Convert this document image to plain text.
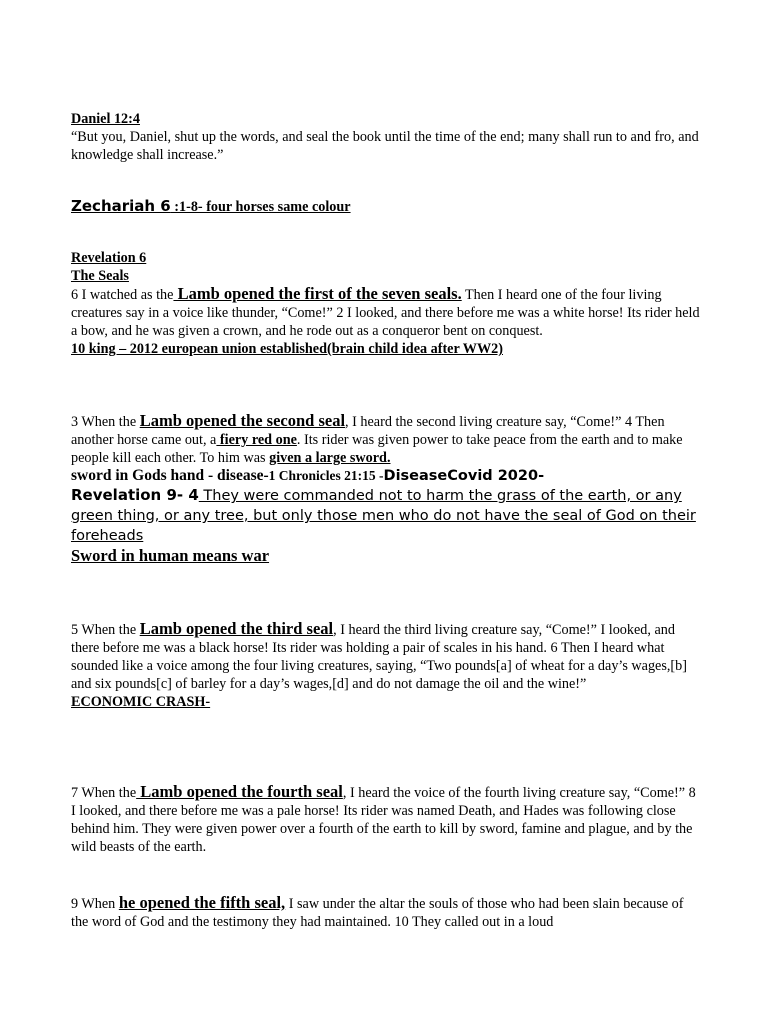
Daniel 12:4
“But you, Daniel, shut up the words, and seal the book until the time of the end; many shall run to and fro, and knowledge shall increase.”

Zechariah 6 :1-8- four horses same colour

Revelation 6
The Seals

6 I watched as the Lamb opened the first of the seven seals. Then I heard one of the four living creatures say in a voice like thunder, “Come!” 2 I looked, and there before me was a white horse! Its rider held a bow, and he was given a crown, and he rode out as a conqueror bent on conquest.
10 king – 2012 european union established(brain child idea after WW2)

3 When the Lamb opened the second seal, I heard the second living creature say, “Come!” 4 Then another horse came out, a fiery red one. Its rider was given power to take peace from the earth and to make people kill each other. To him was given a large sword.

sword in Gods hand - disease-1 Chronicles 21:15 -DiseaseCovid 2020-

Revelation 9- 4 They were commanded not to harm the grass of the earth, or any green thing, or any tree, but only those men who do not have the seal of God on their foreheads

Sword in human means war

5 When the Lamb opened the third seal, I heard the third living creature say, “Come!” I looked, and there before me was a black horse! Its rider was holding a pair of scales in his hand. 6 Then I heard what sounded like a voice among the four living creatures, saying, “Two pounds[a] of wheat for a day’s wages,[b] and six pounds[c] of barley for a day’s wages,[d] and do not damage the oil and the wine!”
ECONOMIC CRASH-

7 When the Lamb opened the fourth seal, I heard the voice of the fourth living creature say, “Come!” 8 I looked, and there before me was a pale horse! Its rider was named Death, and Hades was following close behind him. They were given power over a fourth of the earth to kill by sword, famine and plague, and by the wild beasts of the earth.

9 When he opened the fifth seal, I saw under the altar the souls of those who had been slain because of the word of God and the testimony they had maintained. 10 They called out in a loud
